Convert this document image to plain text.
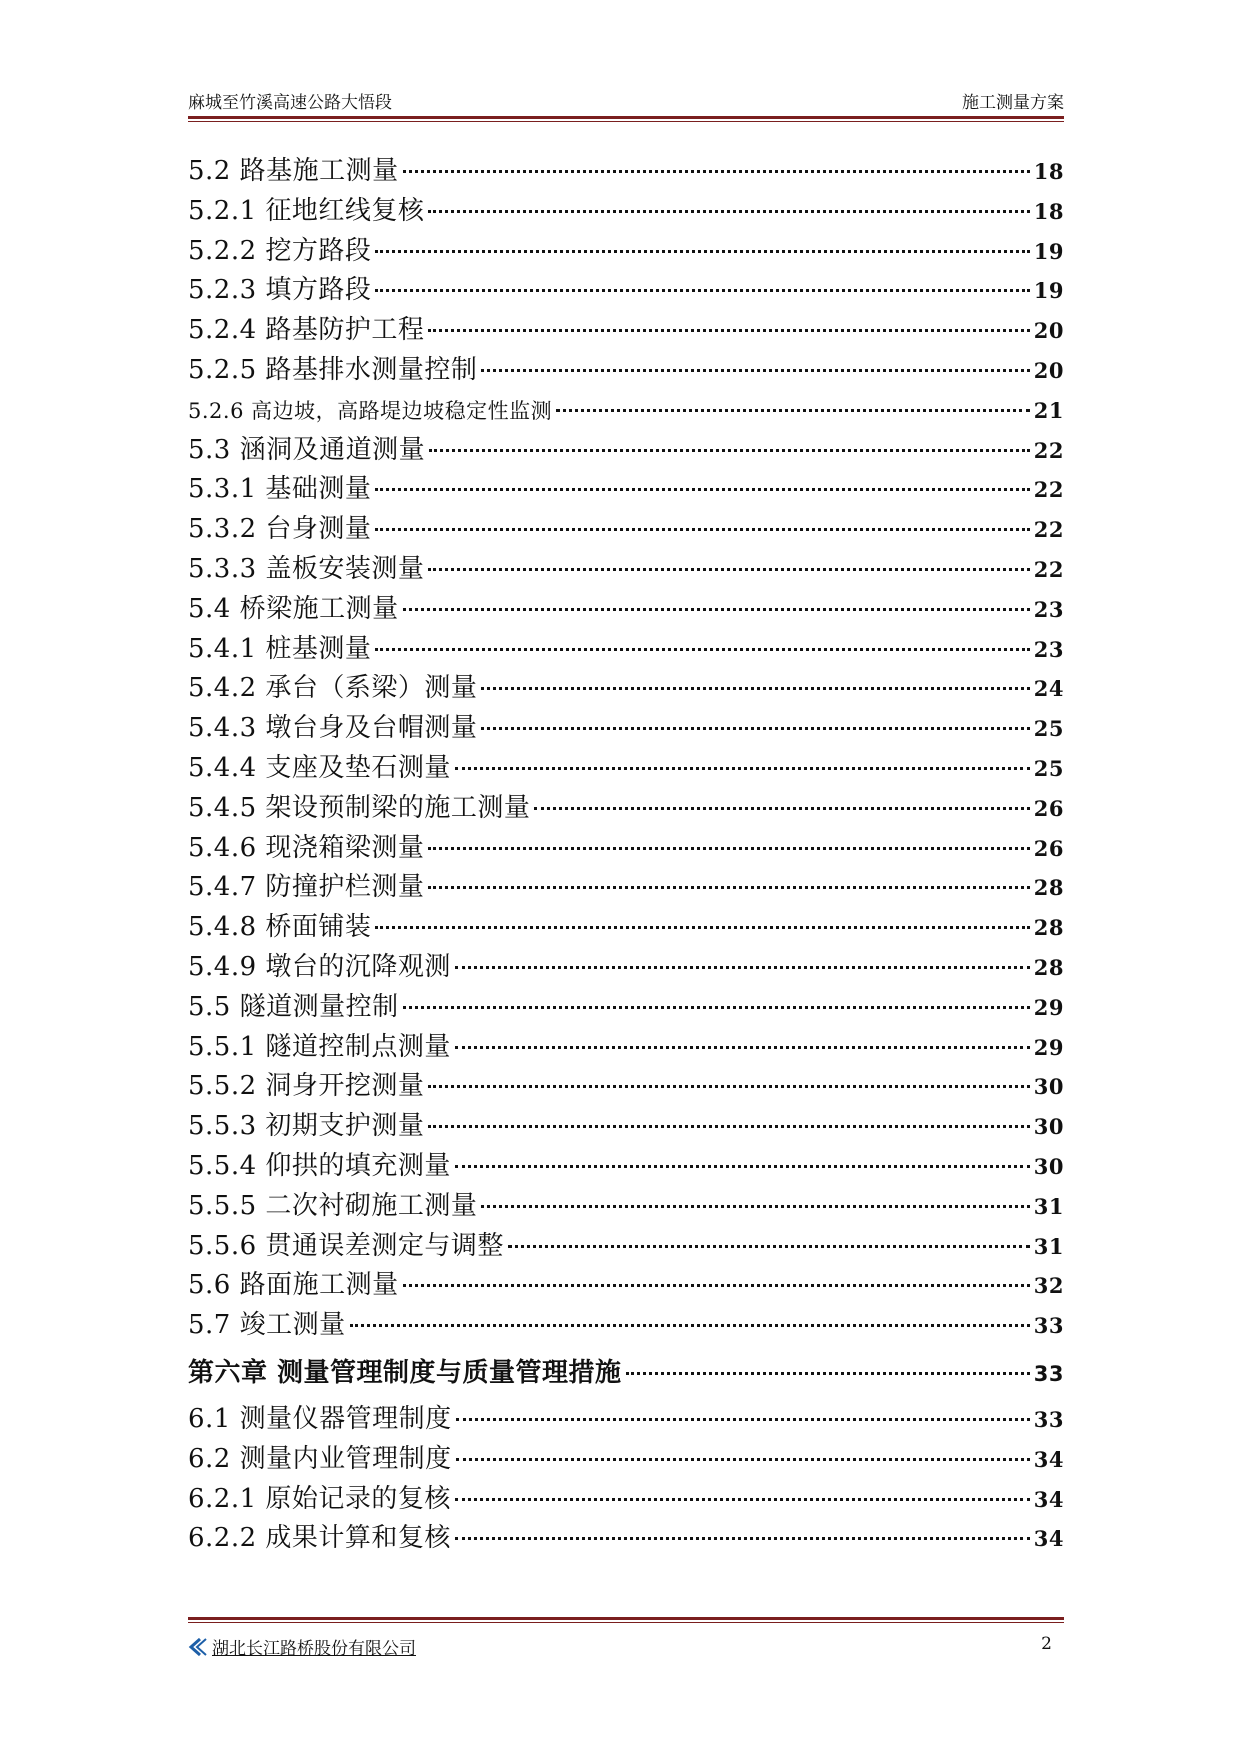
麻城至竹溪高速公路大悟段	施工测量方案
5.2 路基施工测量	18
5.2.1 征地红线复核	18
5.2.2 挖方路段	19
5.2.3 填方路段	19
5.2.4 路基防护工程	20
5.2.5 路基排水测量控制	20
5.2.6 高边坡，高路堤边坡稳定性监测	21
5.3 涵洞及通道测量	22
5.3.1 基础测量	22
5.3.2 台身测量	22
5.3.3 盖板安装测量	22
5.4 桥梁施工测量	23
5.4.1 桩基测量	23
5.4.2 承台（系梁）测量	24
5.4.3 墩台身及台帽测量	25
5.4.4 支座及垫石测量	25
5.4.5 架设预制梁的施工测量	26
5.4.6 现浇箱梁测量	26
5.4.7 防撞护栏测量	28
5.4.8 桥面铺装	28
5.4.9 墩台的沉降观测	28
5.5 隧道测量控制	29
5.5.1 隧道控制点测量	29
5.5.2 洞身开挖测量	30
5.5.3 初期支护测量	30
5.5.4 仰拱的填充测量	30
5.5.5 二次衬砌施工测量	31
5.5.6 贯通误差测定与调整	31
5.6 路面施工测量	32
5.7 竣工测量	33
第六章 测量管理制度与质量管理措施	33
6.1 测量仪器管理制度	33
6.2 测量内业管理制度	34
6.2.1 原始记录的复核	34
6.2.2 成果计算和复核	34
湖北长江路桥股份有限公司	2
